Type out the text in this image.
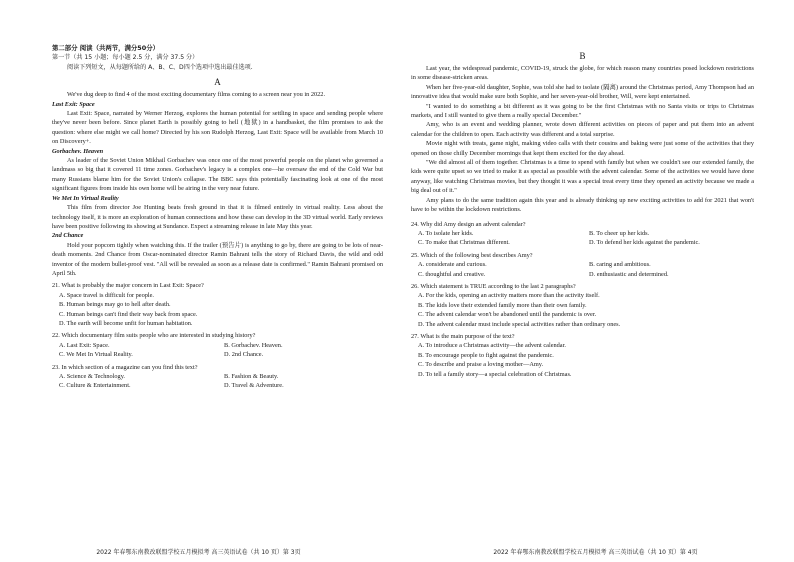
第二部分 阅读（共两节，满分50分）
第一节（共 15 小题；每小题 2.5 分，满分 37.5 分）
阅读下列短文，从每题所给的 A、B、C、D四个选项中选出最佳选项.
A

We've dug deep to find 4 of the most exciting documentary films coming to a screen near you in 2022.

Last Exit: Space

Last Exit: Space, narrated by Werner Herzog, explores the human potential for settling in space and sending people where they've never been before. Since planet Earth is possibly going to hell (地狱) in a handbasket, the film promises to ask the question: where else might we call home? Directed by his son Rudolph Herzog, Last Exit: Space will be available from March 10 on Discovery+.

Gorbachev. Heaven

As leader of the Soviet Union Mikhail Gorbachev was once one of the most powerful people on the planet who governed a landmass so big that it covered 11 time zones. Gorbachev's legacy is a complex one—he oversaw the end of the Cold War but many Russians blame him for the Soviet Union's collapse. The BBC says this potentially fascinating look at one of the most significant figures from inside his own home will be airing in the very near future.

We Met In Virtual Reality

This film from director Joe Hunting beats fresh ground in that it is filmed entirely in virtual reality. Less about the technology itself, it is more an exploration of human connections and how these can develop in the 3D virtual world. Early reviews have been positive following its showing at Sundance. Expect a streaming release in late May this year.

2nd Chance

Hold your popcorn tightly when watching this. If the trailer (预告片) is anything to go by, there are going to be lots of near-death moments. 2nd Chance from Oscar-nominated director Ramin Bahrani tells the story of Richard Davis, the wild and odd inventor of the modern bullet-proof vest. "All will be revealed as soon as a release date is confirmed." Ramin Bahrani promised on April 5th.

21. What is probably the major concern in Last Exit: Space?
A. Space travel is difficult for people.
B. Human beings may go to hell after death.
C. Human beings can't find their way back from space.
D. The earth will become unfit for human habitation.
22. Which documentary film suits people who are interested in studying history?
A. Last Exit: Space.	B. Gorbachev. Heaven.
C. We Met In Virtual Reality.	D. 2nd Chance.
23. In which section of a magazine can you find this text?
A. Science & Technology.	B. Fashion & Beauty.
C. Culture & Entertainment.	D. Travel & Adventure.
2022 年春鄂东南教改联盟学校五月模拟考 高三英语试卷（共 10 页）第 3页
B

Last year, the widespread pandemic, COVID-19, struck the globe, for which reason many countries posed lockdown restrictions in some disease-stricken areas.

When her five-year-old daughter, Sophie, was told she had to isolate (隔离) around the Christmas period, Amy Thompson had an innovative idea that would make sure both Sophie, and her seven-year-old brother, Will, were kept entertained.

"I wanted to do something a bit different as it was going to be the first Christmas with no Santa visits or trips to Christmas markets, and I still wanted to give them a really special December."

Amy, who is an event and wedding planner, wrote down different activities on pieces of paper and put them into an advent calendar for the children to open. Each activity was different and a total surprise.

Movie night with treats, game night, making video calls with their cousins and baking were just some of the activities that they opened on those chilly December mornings that kept them excited for the day ahead.

"We did almost all of them together. Christmas is a time to spend with family but when we couldn't see our extended family, the kids were quite upset so we tried to make it as special as possible with the advent calendar. Some of the activities we would have done anyway, like watching Christmas movies, but they thought it was a special treat every time they opened an activity because we made a big deal out of it."

Amy plans to do the same tradition again this year and is already thinking up new exciting activities to add for 2021 that won't have to be within the lockdown restrictions.

24. Why did Amy design an advent calendar?
A. To isolate her kids.	B. To cheer up her kids.
C. To make that Christmas different.	D. To defend her kids against the pandemic.
25. Which of the following best describes Amy?
A. considerate and curious.	B. caring and ambitious.
C. thoughtful and creative.	D. enthusiastic and determined.
26. Which statement is TRUE according to the last 2 paragraphs?
A. For the kids, opening an activity matters more than the activity itself.
B. The kids love their extended family more than their own family.
C. The advent calendar won't be abandoned until the pandemic is over.
D. The advent calendar must include special activities rather than ordinary ones.
27. What is the main purpose of the text?
A. To introduce a Christmas activity—the advent calendar.
B. To encourage people to fight against the pandemic.
C. To describe and praise a loving mother—Amy.
D. To tell a family story—a special celebration of Christmas.
2022 年春鄂东南教改联盟学校五月模拟考 高三英语试卷（共 10 页）第 4页
